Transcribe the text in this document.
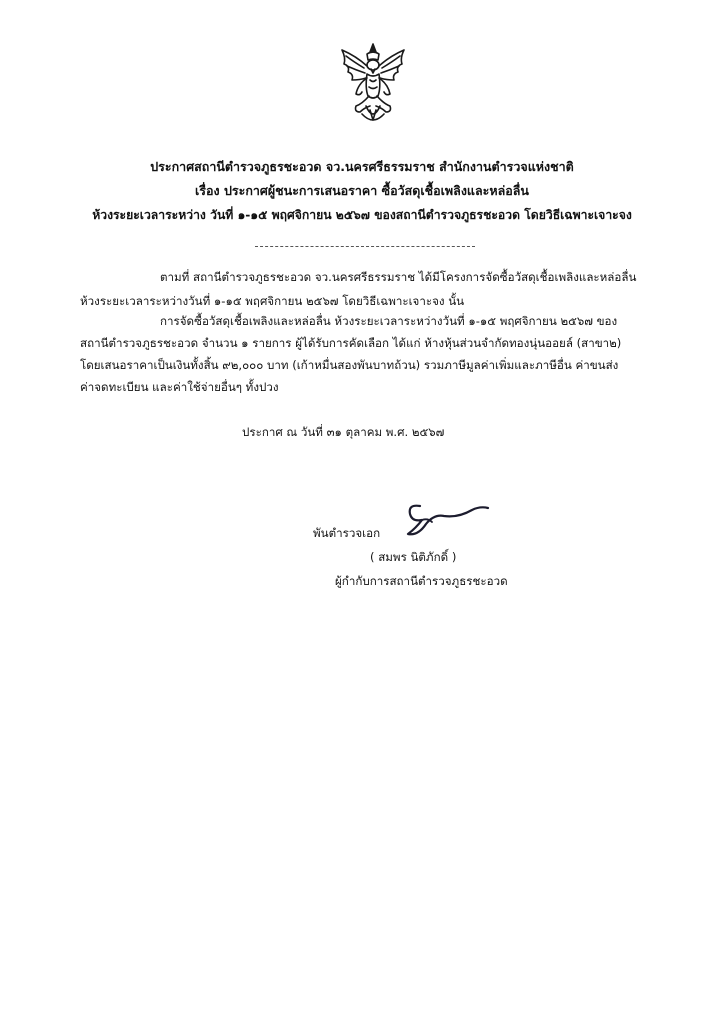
ประกาศสถานีตำรวจภูธรชะอวด จว.นครศรีธรรมราช สำนักงานตำรวจแห่งชาติ
เรื่อง ประกาศผู้ชนะการเสนอราคา ซื้อวัสดุเชื้อเพลิงและหล่อลื่น
ห้วงระยะเวลาระหว่าง วันที่ ๑-๑๕ พฤศจิกายน ๒๕๖๗ ของสถานีตำรวจภูธรชะอวด โดยวิธีเฉพาะเจาะจง
ตามที่ สถานีตำรวจภูธรชะอวด จว.นครศรีธรรมราช ได้มีโครงการจัดซื้อวัสดุเชื้อเพลิงและหล่อลื่น
ห้วงระยะเวลาระหว่างวันที่ ๑-๑๕ พฤศจิกายน ๒๕๖๗ โดยวิธีเฉพาะเจาะจง นั้น
การจัดซื้อวัสดุเชื้อเพลิงและหล่อลื่น ห้วงระยะเวลาระหว่างวันที่ ๑-๑๕ พฤศจิกายน ๒๕๖๗ ของ
สถานีตำรวจภูธรชะอวด จำนวน ๑ รายการ ผู้ได้รับการคัดเลือก ได้แก่ ห้างหุ้นส่วนจำกัดทองนุ่นออยล์ (สาขา๒)
โดยเสนอราคาเป็นเงินทั้งสิ้น ๙๒,๐๐๐ บาท (เก้าหมื่นสองพันบาทถ้วน) รวมภาษีมูลค่าเพิ่มและภาษีอื่น ค่าขนส่ง
ค่าจดทะเบียน และค่าใช้จ่ายอื่นๆ ทั้งปวง
ประกาศ ณ วันที่ ๓๑ ตุลาคม พ.ศ. ๒๕๖๗
พันตำรวจเอก
( สมพร นิติภักดิ์ )
ผู้กำกับการสถานีตำรวจภูธรชะอวด
